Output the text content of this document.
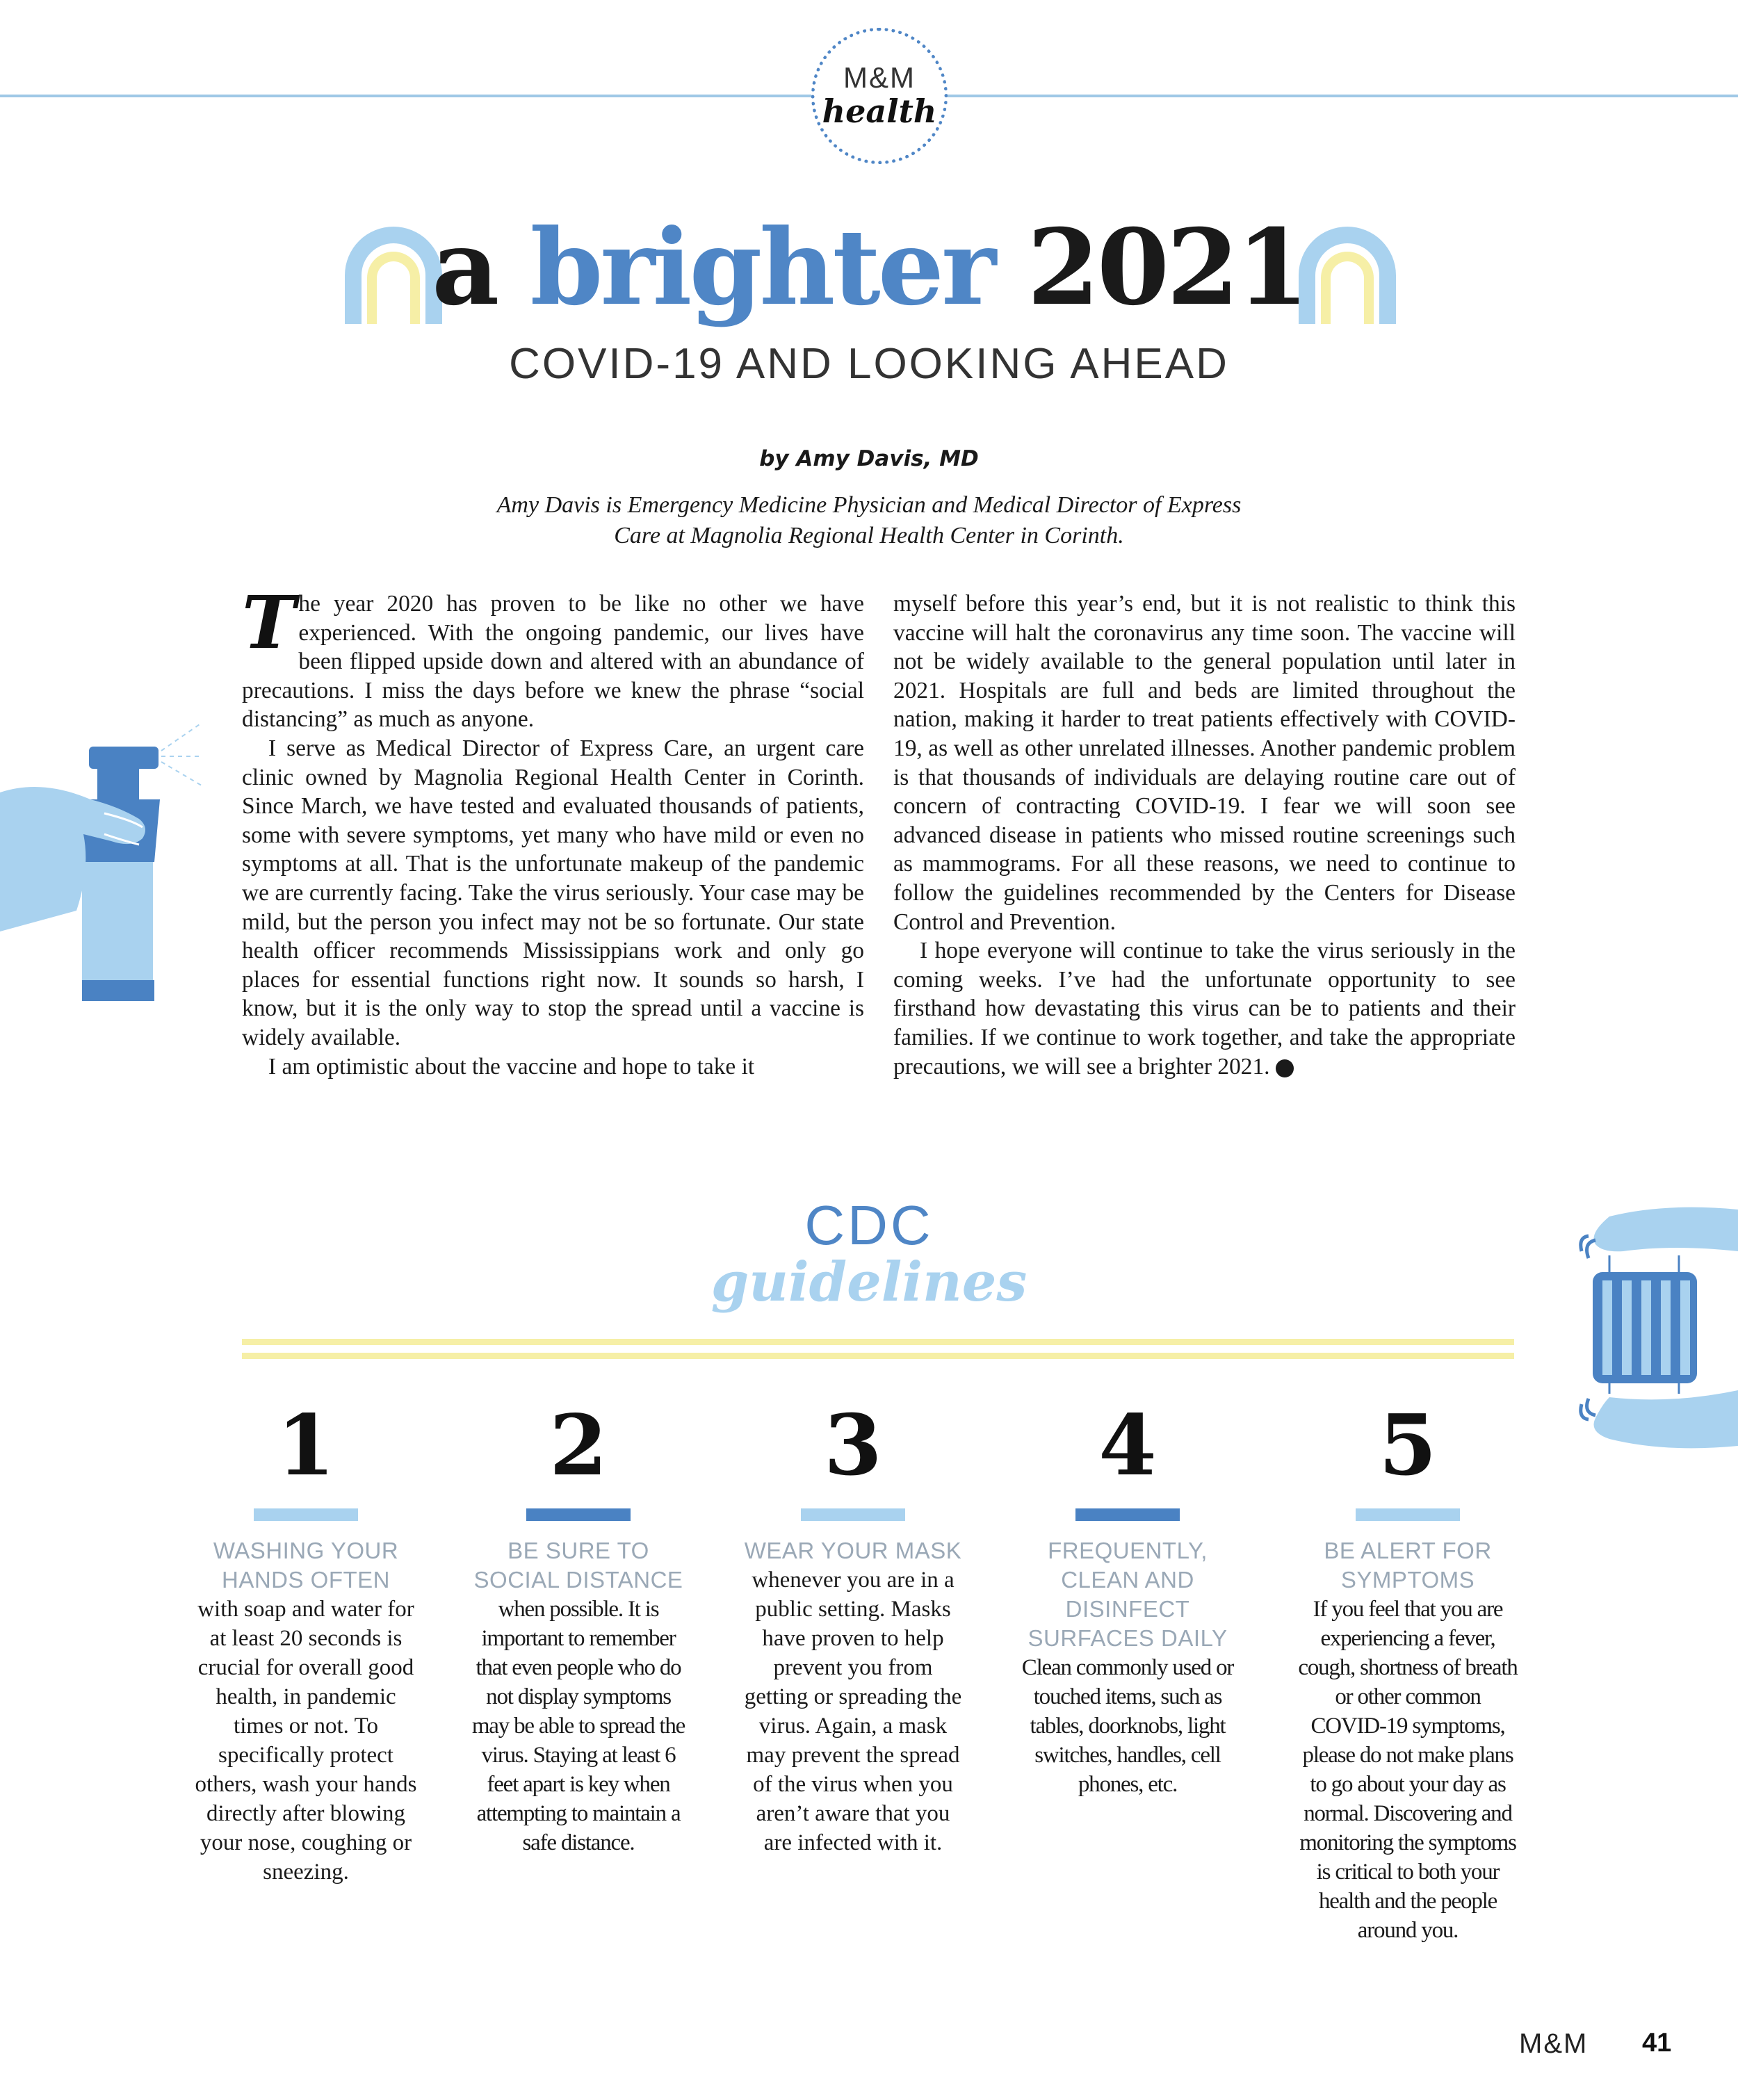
M&M
health
a brighter 2021
COVID-19 AND LOOKING AHEAD
by Amy Davis, MD
Amy Davis is Emergency Medicine Physician and Medical Director of Express Care at Magnolia Regional Health Center in Corinth.

The year 2020 has proven to be like no other we have experienced. With the ongoing pandemic, our lives have been flipped upside down and altered with an abundance of precautions. I miss the days before we knew the phrase “social distancing” as much as anyone.

I serve as Medical Director of Express Care, an urgent care clinic owned by Magnolia Regional Health Center in Corinth. Since March, we have tested and evaluated thousands of patients, some with severe symptoms, yet many who have mild or even no symptoms at all. That is the unfortunate makeup of the pandemic we are currently facing. Take the virus seriously. Your case may be mild, but the person you infect may not be so fortunate. Our state health officer recommends Mississippians work and only go places for essential functions right now. It sounds so harsh, I know, but it is the only way to stop the spread until a vaccine is widely available.

I am optimistic about the vaccine and hope to take it

myself before this year’s end, but it is not realistic to think this vaccine will halt the coronavirus any time soon. The vaccine will not be widely available to the general population until later in 2021. Hospitals are full and beds are limited throughout the nation, making it harder to treat patients effectively with COVID-19, as well as other unrelated illnesses. Another pandemic problem is that thousands of individuals are delaying routine care out of concern of contracting COVID-19. I fear we will soon see advanced disease in patients who missed routine screenings such as mammograms. For all these reasons, we need to continue to follow the guidelines recommended by the Centers for Disease Control and Prevention.

I hope everyone will continue to take the virus seriously in the coming weeks. I’ve had the unfortunate opportunity to see firsthand how devastating this virus can be to patients and their families. If we continue to work together, and take the appropriate precautions, we will see a brighter 2021.	M

CDC
guidelines
1
WASHING YOUR HANDS OFTEN
with soap and water for at least 20 seconds is crucial for overall good health, in pandemic times or not. To specifically protect others, wash your hands directly after blowing your nose, coughing or sneezing.
2
BE SURE TO SOCIAL DISTANCE
when possible. It is important to remember that even people who do not display symptoms may be able to spread the virus. Staying at least 6 feet apart is key when attempting to maintain a safe distance.
3
WEAR YOUR MASK
whenever you are in a public setting. Masks have proven to help prevent you from getting or spreading the virus. Again, a mask may prevent the spread of the virus when you aren’t aware that you are infected with it.
4
FREQUENTLY, CLEAN AND DISINFECT SURFACES DAILY
Clean commonly used or touched items, such as tables, doorknobs, light switches, handles, cell phones, etc.
5
BE ALERT FOR SYMPTOMS
If you feel that you are experiencing a fever, cough, shortness of breath or other common COVID-19 symptoms, please do not make plans to go about your day as normal. Discovering and monitoring the symptoms is critical to both your health and the people around you.
M&M 41
